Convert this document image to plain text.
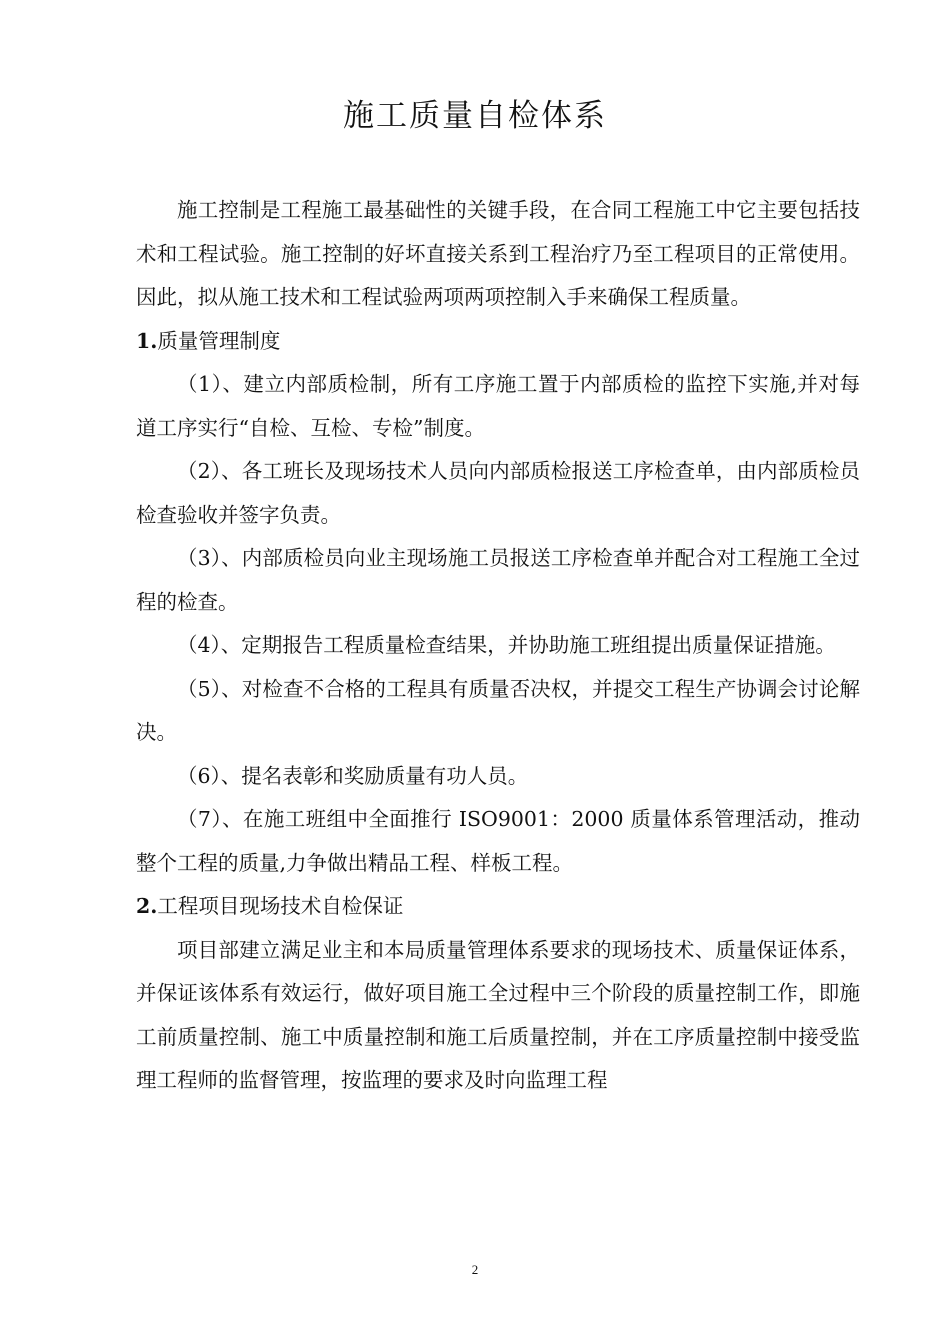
施工质量自检体系

施工控制是工程施工最基础性的关键手段，在合同工程施工中它主要包括技术和工程试验。施工控制的好坏直接关系到工程治疗乃至工程项目的正常使用。因此，拟从施工技术和工程试验两项两项控制入手来确保工程质量。

1.质量管理制度

（1）、建立内部质检制，所有工序施工置于内部质检的监控下实施,并对每道工序实行“自检、互检、专检”制度。

（2）、各工班长及现场技术人员向内部质检报送工序检查单，由内部质检员检查验收并签字负责。

（3）、内部质检员向业主现场施工员报送工序检查单并配合对工程施工全过程的检查。

（4）、定期报告工程质量检查结果，并协助施工班组提出质量保证措施。

（5）、对检查不合格的工程具有质量否决权，并提交工程生产协调会讨论解决。

（6）、提名表彰和奖励质量有功人员。

（7）、在施工班组中全面推行 ISO9001：2000 质量体系管理活动，推动整个工程的质量,力争做出精品工程、样板工程。

2.工程项目现场技术自检保证

项目部建立满足业主和本局质量管理体系要求的现场技术、质量保证体系，并保证该体系有效运行，做好项目施工全过程中三个阶段的质量控制工作，即施工前质量控制、施工中质量控制和施工后质量控制，并在工序质量控制中接受监理工程师的监督管理，按监理的要求及时向监理工程

2
